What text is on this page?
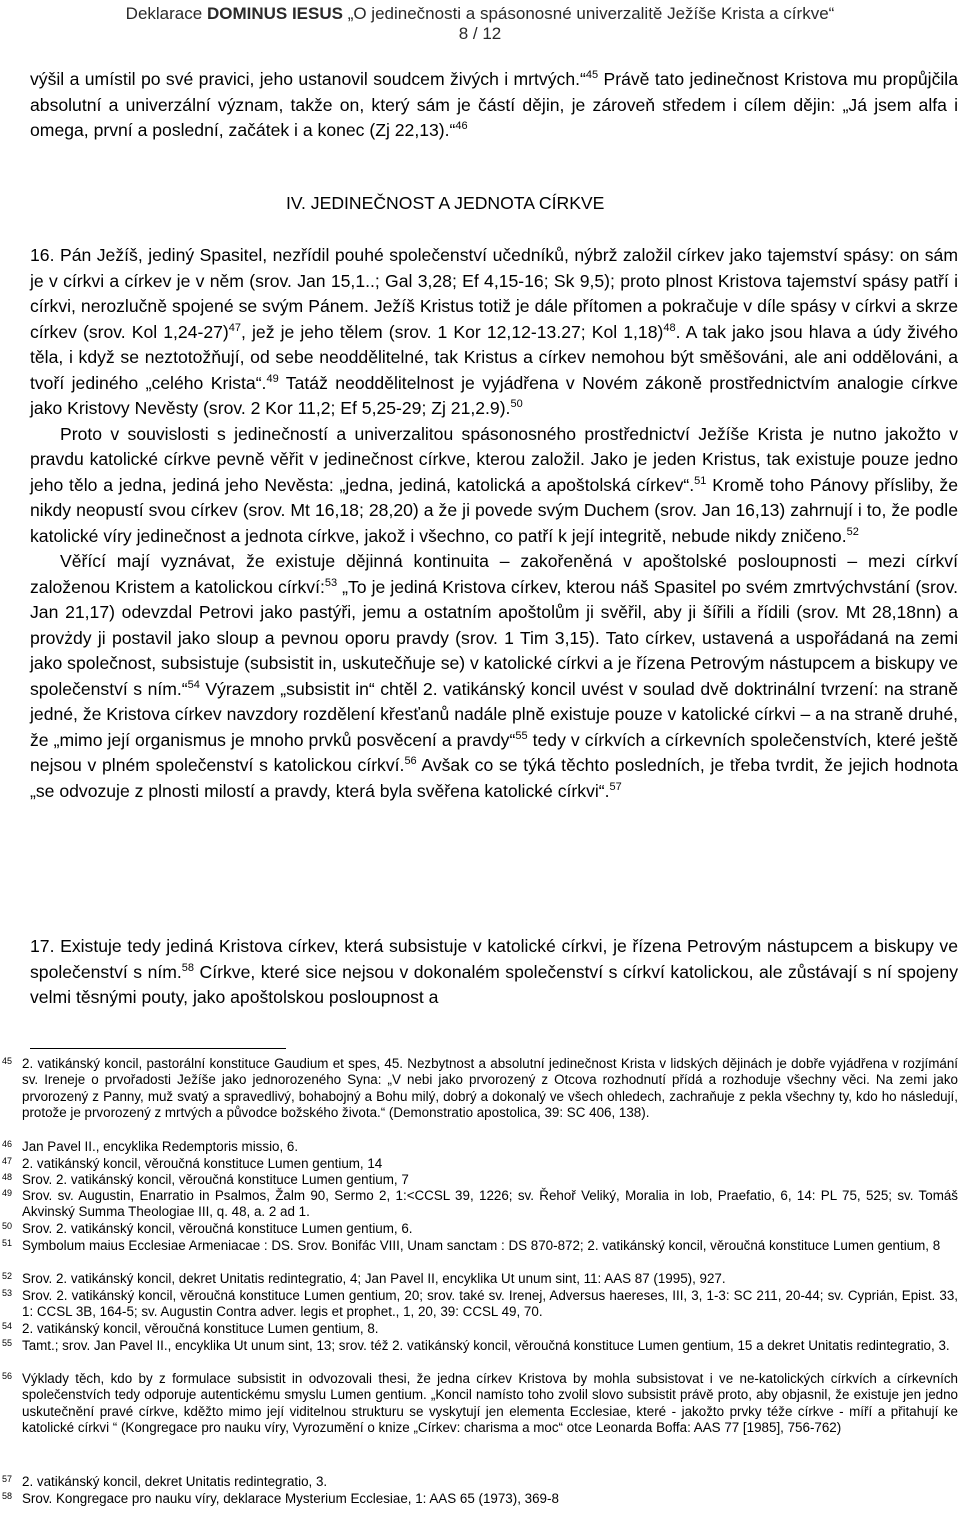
Deklarace DOMINUS IESUS „O jedinečnosti a spásonosné univerzalitě Ježíše Krista a církve“
8 / 12

výšil a umístil po své pravici, jeho ustanovil soudcem živých i mrtvých.“$^{45}$ Právě tato jedinečnost Kristova mu propůjčila absolutní a univerzální význam, takže on, který sám je částí dějin, je zároveň středem i cílem dějin: „Já jsem alfa i omega, první a poslední, začátek i a konec (Zj 22,13).“$^{46}$

IV. JEDINEČNOST A JEDNOTA CÍRKVE

16. Pán Ježíš, jediný Spasitel, nezřídil pouhé společenství učedníků, nýbrž založil církev jako tajemství spásy: on sám je v církvi a církev je v něm (srov. Jan 15,1..; Gal 3,28; Ef 4,15-16; Sk 9,5); proto plnost Kristova tajemství spásy patří i církvi, nerozlučně spojené se svým Pánem. Ježíš Kristus totiž je dále přítomen a pokračuje v díle spásy v církvi a skrze církev (srov. Kol 1,24-27)$^{47}$, jež je jeho tělem (srov. 1 Kor 12,12-13.27; Kol 1,18)$^{48}$. A tak jako jsou hlava a údy živého těla, i když se neztotožňují, od sebe neoddělitelné, tak Kristus a církev nemohou být směšováni, ale ani oddělováni, a tvoří jediného „celého Krista“.$^{49}$ Tatáž neoddělitelnost je vyjádřena v Novém zákoně prostřednictvím analogie církve jako Kristovy Nevěsty (srov. 2 Kor 11,2; Ef 5,25-29; Zj 21,2.9).$^{50}$

Proto v souvislosti s jedinečností a univerzalitou spásonosného prostřednictví Ježíše Krista je nutno jakožto v pravdu katolické církve pevně věřit v jedinečnost církve, kterou založil. Jako je jeden Kristus, tak existuje pouze jedno jeho tělo a jedna, jediná jeho Nevěsta: „jedna, jediná, katolická a apoštolská církev“.$^{51}$ Kromě toho Pánovy přísliby, že nikdy neopustí svou církev (srov. Mt 16,18; 28,20) a že ji povede svým Duchem (srov. Jan 16,13) zahrnují i to, že podle katolické víry jedinečnost a jednota církve, jakož i všechno, co patří k její integritě, nebude nikdy zničeno.$^{52}$

Věřící mají vyznávat, že existuje dějinná kontinuita – zakořeněná v apoštolské posloupnosti – mezi církví založenou Kristem a katolickou církví:$^{53}$ „To je jediná Kristova církev, kterou náš Spasitel po svém zmrtvýchvstání (srov. Jan 21,17) odevzdal Petrovi jako pastýři, jemu a ostatním apoštolům ji svěřil, aby ji šířili a řídili (srov. Mt 28,18nn) a provżdy ji postavil jako sloup a pevnou oporu pravdy (srov. 1 Tim 3,15). Tato církev, ustavená a uspořádaná na zemi jako společnost, subsistuje (subsistit in, uskutečňuje se) v katolické církvi a je řízena Petrovým nástupcem a biskupy ve společenství s ním.“$^{54}$ Výrazem „subsistit in“ chtěl 2. vatikánský koncil uvést v soulad dvě doktrinální tvrzení: na straně jedné, že Kristova církev navzdory rozdělení křesťanů nadále plně existuje pouze v katolické církvi – a na straně druhé, že „mimo její organismus je mnoho prvků posvěcení a pravdy“$^{55}$ tedy v církvích a církevních společenstvích, které ještě nejsou v plném společenství s katolickou církví.$^{56}$ Avšak co se týká těchto posledních, je třeba tvrdit, že jejich hodnota „se odvozuje z plnosti milostí a pravdy, která byla svěřena katolické církvi“.$^{57}$

17. Existuje tedy jediná Kristova církev, která subsistuje v katolické církvi, je řízena Petrovým nástupcem a biskupy ve společenství s ním.$^{58}$ Církve, které sice nejsou v dokonalém společenství s církví katolickou, ale zůstávají s ní spojeny velmi těsnými pouty, jako apoštolskou posloupnost a

45 2. vatikánský koncil, pastorální konstituce Gaudium et spes, 45. Nezbytnost a absolutní jedinečnost Krista v lidských dějinách je dobře vyjádřena v rozjímání sv. Ireneje o prvořadosti Ježíše jako jednorozeného Syna: „V nebi jako prvorozený z Otcova rozhodnutí přídá a rozhoduje všechny věci. Na zemi jako prvorozený z Panny, muž svatý a spravedlivý, bohabojný a Bohu milý, dobrý a dokonalý ve všech ohledech, zachraňuje z pekla všechny ty, kdo ho následují, protože je prvorozený z mrtvých a původce božského života.“ (Demonstratio apostolica, 39: SC 406, 138).
46 Jan Pavel II., encyklika Redemptoris missio, 6.
47 2. vatikánský koncil, věroučná konstituce Lumen gentium, 14
48 Srov. 2. vatikánský koncil, věroučná konstituce Lumen gentium, 7
49 Srov. sv. Augustin, Enarratio in Psalmos, Žalm 90, Sermo 2, 1:<CCSL 39, 1226; sv. Řehoř Veliký, Moralia in Iob, Praefatio, 6, 14: PL 75, 525; sv. Tomáš Akvinský Summa Theologiae III, q. 48, a. 2 ad 1.
50 Srov. 2. vatikánský koncil, věroučná konstituce Lumen gentium, 6.
51 Symbolum maius Ecclesiae Armeniacae : DS. Srov. Bonifác VIII, Unam sanctam : DS 870-872; 2. vatikánský koncil, věroučná konstituce Lumen gentium, 8
52 Srov. 2. vatikánský koncil, dekret Unitatis redintegratio, 4; Jan Pavel II, encyklika Ut unum sint, 11: AAS 87 (1995), 927.
53 Srov. 2. vatikánský koncil, věroučná konstituce Lumen gentium, 20; srov. také sv. Irenej, Adversus haereses, III, 3, 1-3: SC 211, 20-44; sv. Cyprián, Epist. 33, 1: CCSL 3B, 164-5; sv. Augustin Contra adver. legis et prophet., 1, 20, 39: CCSL 49, 70.
54 2. vatikánský koncil, věroučná konstituce Lumen gentium, 8.
55 Tamt.; srov. Jan Pavel II., encyklika Ut unum sint, 13; srov. též 2. vatikánský koncil, věroučná konstituce Lumen gentium, 15 a dekret Unitatis redintegratio, 3.
56 Výklady těch, kdo by z formulace subsistit in odvozovali thesi, že jedna církev Kristova by mohla subsistovat i ve ne-katolických církvích a církevních společenstvích tedy odporuje autentickému smyslu Lumen gentium. „Koncil namísto toho zvolil slovo subsistit právě proto, aby objasnil, že existuje jen jedno uskutečnění pravé církve, kděžto mimo její viditelnou strukturu se vyskytují jen elementa Ecclesiae, které - jakožto prvky téže církve - míří a přitahují ke katolické církvi “ (Kongregace pro nauku víry, Vyrozumění o knize „Církev: charisma a moc“ otce Leonarda Boffa: AAS 77 [1985], 756-762)
57 2. vatikánský koncil, dekret Unitatis redintegratio, 3.
58 Srov. Kongregace pro nauku víry, deklarace Mysterium Ecclesiae, 1: AAS 65 (1973), 369-8
